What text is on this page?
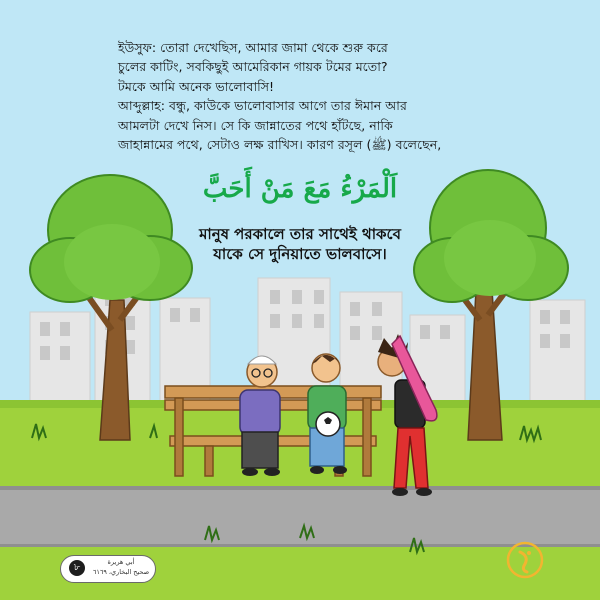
ইউসুফ: তোরা দেখেছিস, আমার জামা থেকে শুরু করে
চুলের কাটিং, সবকিছুই আমেরিকান গায়ক টমের মতো?
টমকে আমি অনেক ভালোবাসি!
আব্দুল্লাহ: বন্ধু, কাউকে ভালোবাসার আগে তার ঈমান আর
আমলটা দেখে নিস। সে কি জান্নাতের পথে হাঁটছে, নাকি
জাহান্নামের পথে, সেটাও লক্ষ রাখিস। কারণ রসূল (ﷺ) বলেছেন,
اَلْمَرْءُ مَعَ مَنْ أَحَبَّ
মানুষ পরকালে তার সাথেই থাকবে
যাকে সে দুনিয়াতে ভালবাসে।
৮	أبي هريرة
صحيح البخاري، ٦١٦٩
